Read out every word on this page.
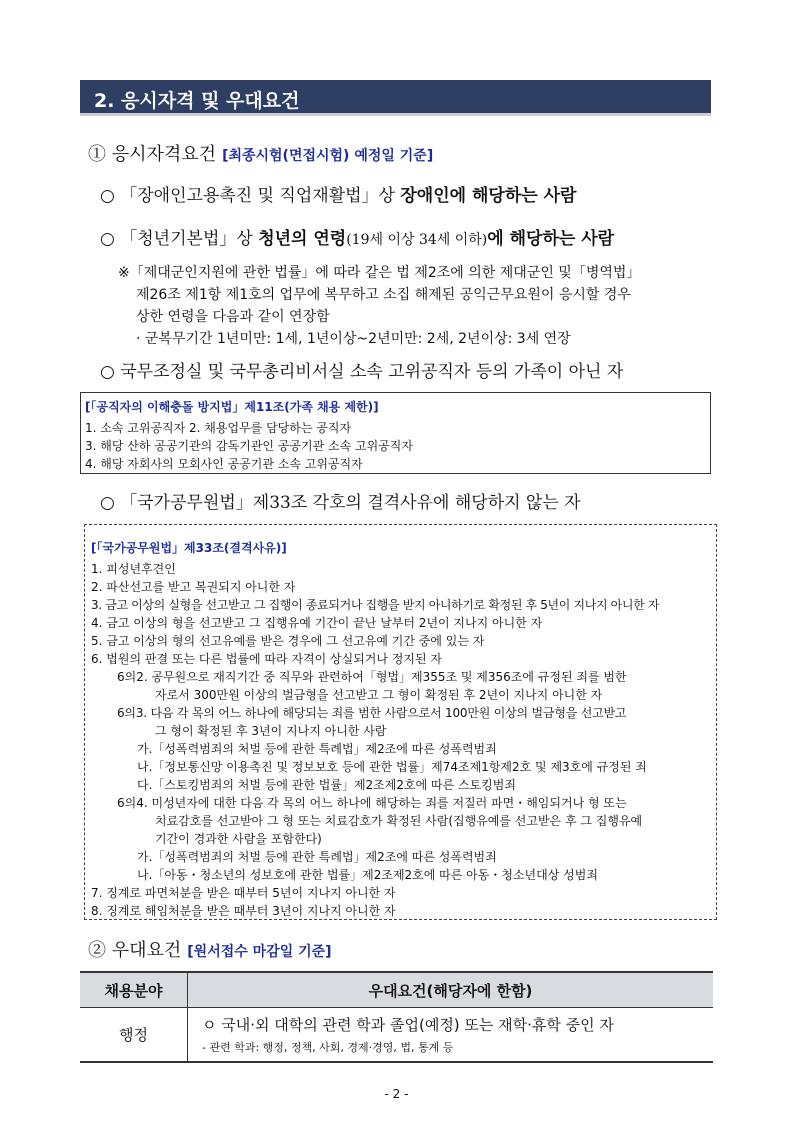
2. 응시자격 및 우대요건
① 응시자격요건 [최종시험(면접시험) 예정일 기준]
○ 「장애인고용촉진 및 직업재활법」상 장애인에 해당하는 사람
○ 「청년기본법」상 청년의 연령(19세 이상 34세 이하)에 해당하는 사람
※「제대군인지원에 관한 법률」에 따라 같은 법 제2조에 의한 제대군인 및「병역법」
제26조 제1항 제1호의 업무에 복무하고 소집 해제된 공익근무요원이 응시할 경우
상한 연령을 다음과 같이 연장함
· 군복무기간 1년미만: 1세, 1년이상~2년미만: 2세, 2년이상: 3세 연장
○ 국무조정실 및 국무총리비서실 소속 고위공직자 등의 가족이 아닌 자
[「공직자의 이해충돌 방지법」제11조(가족 채용 제한)]
1. 소속 고위공직자 2. 채용업무를 담당하는 공직자
3. 해당 산하 공공기관의 감독기관인 공공기관 소속 고위공직자
4. 해당 자회사의 모회사인 공공기관 소속 고위공직자
○ 「국가공무원법」제33조 각호의 결격사유에 해당하지 않는 자
[「국가공무원법」제33조(결격사유)]
1. 피성년후견인
2. 파산선고를 받고 복권되지 아니한 자
3. 금고 이상의 실형을 선고받고 그 집행이 종료되거나 집행을 받지 아니하기로 확정된 후 5년이 지나지 아니한 자
4. 금고 이상의 형을 선고받고 그 집행유예 기간이 끝난 날부터 2년이 지나지 아니한 자
5. 금고 이상의 형의 선고유예를 받은 경우에 그 선고유예 기간 중에 있는 자
6. 법원의 판결 또는 다른 법률에 따라 자격이 상실되거나 정지된 자
6의2. 공무원으로 재직기간 중 직무와 관련하여「형법」제355조 및 제356조에 규정된 죄를 범한
자로서 300만원 이상의 벌금형을 선고받고 그 형이 확정된 후 2년이 지나지 아니한 자
6의3. 다음 각 목의 어느 하나에 해당되는 죄를 범한 사람으로서 100만원 이상의 벌금형을 선고받고
그 형이 확정된 후 3년이 지나지 아니한 사람
가.「성폭력범죄의 처벌 등에 관한 특례법」제2조에 따른 성폭력범죄
나.「정보통신망 이용촉진 및 정보보호 등에 관한 법률」제74조제1항제2호 및 제3호에 규정된 죄
다.「스토킹범죄의 처벌 등에 관한 법률」제2조제2호에 따른 스토킹범죄
6의4. 미성년자에 대한 다음 각 목의 어느 하나에 해당하는 죄를 저질러 파면・해임되거나 형 또는
치료감호를 선고받아 그 형 또는 치료감호가 확정된 사람(집행유예를 선고받은 후 그 집행유예
기간이 경과한 사람을 포함한다)
가.「성폭력범죄의 처벌 등에 관한 특례법」제2조에 따른 성폭력범죄
나.「아동・청소년의 성보호에 관한 법률」제2조제2호에 따른 아동・청소년대상 성범죄
7. 징계로 파면처분을 받은 때부터 5년이 지나지 아니한 자
8. 징계로 해임처분을 받은 때부터 3년이 지나지 아니한 자
② 우대요건 [원서접수 마감일 기준]
채용분야	우대요건(해당자에 한함)
행정	ㅇ 국내·외 대학의 관련 학과 졸업(예정) 또는 재학·휴학 중인 자
- 관련 학과: 행정, 정책, 사회, 경제·경영, 법, 통계 등
- 2 -
